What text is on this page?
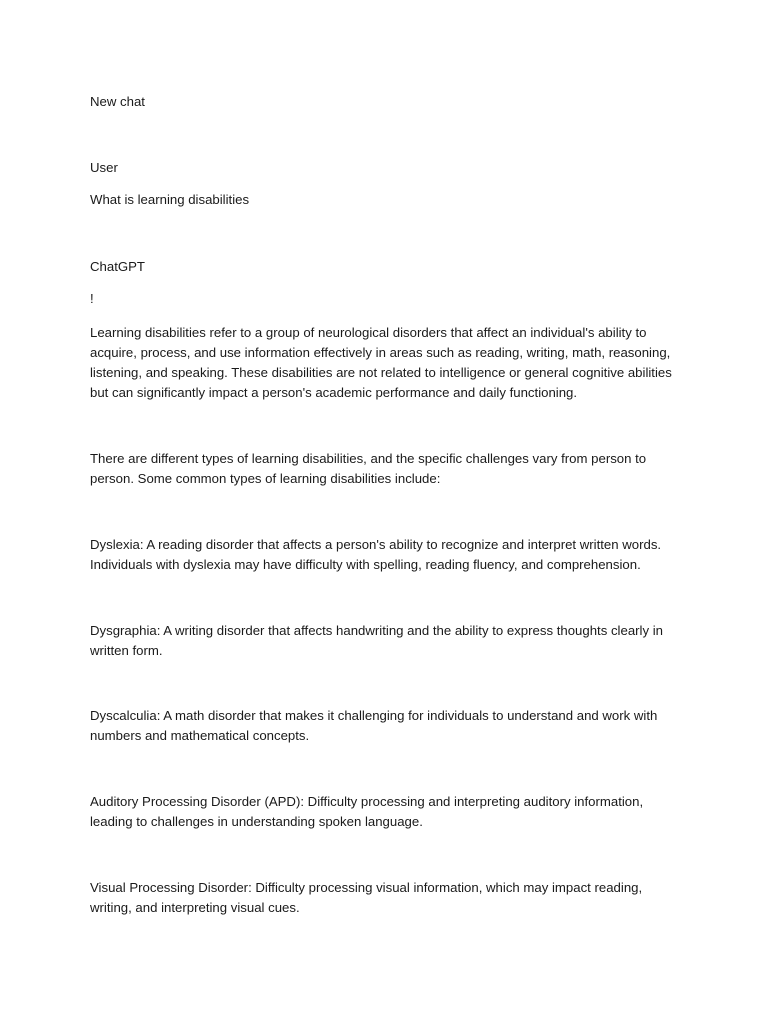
New chat

User

What is learning disabilities

ChatGPT

!

Learning disabilities refer to a group of neurological disorders that affect an individual's ability to acquire, process, and use information effectively in areas such as reading, writing, math, reasoning, listening, and speaking. These disabilities are not related to intelligence or general cognitive abilities but can significantly impact a person's academic performance and daily functioning.

There are different types of learning disabilities, and the specific challenges vary from person to person. Some common types of learning disabilities include:

Dyslexia: A reading disorder that affects a person's ability to recognize and interpret written words. Individuals with dyslexia may have difficulty with spelling, reading fluency, and comprehension.

Dysgraphia: A writing disorder that affects handwriting and the ability to express thoughts clearly in written form.

Dyscalculia: A math disorder that makes it challenging for individuals to understand and work with numbers and mathematical concepts.

Auditory Processing Disorder (APD): Difficulty processing and interpreting auditory information, leading to challenges in understanding spoken language.

Visual Processing Disorder: Difficulty processing visual information, which may impact reading, writing, and interpreting visual cues.
